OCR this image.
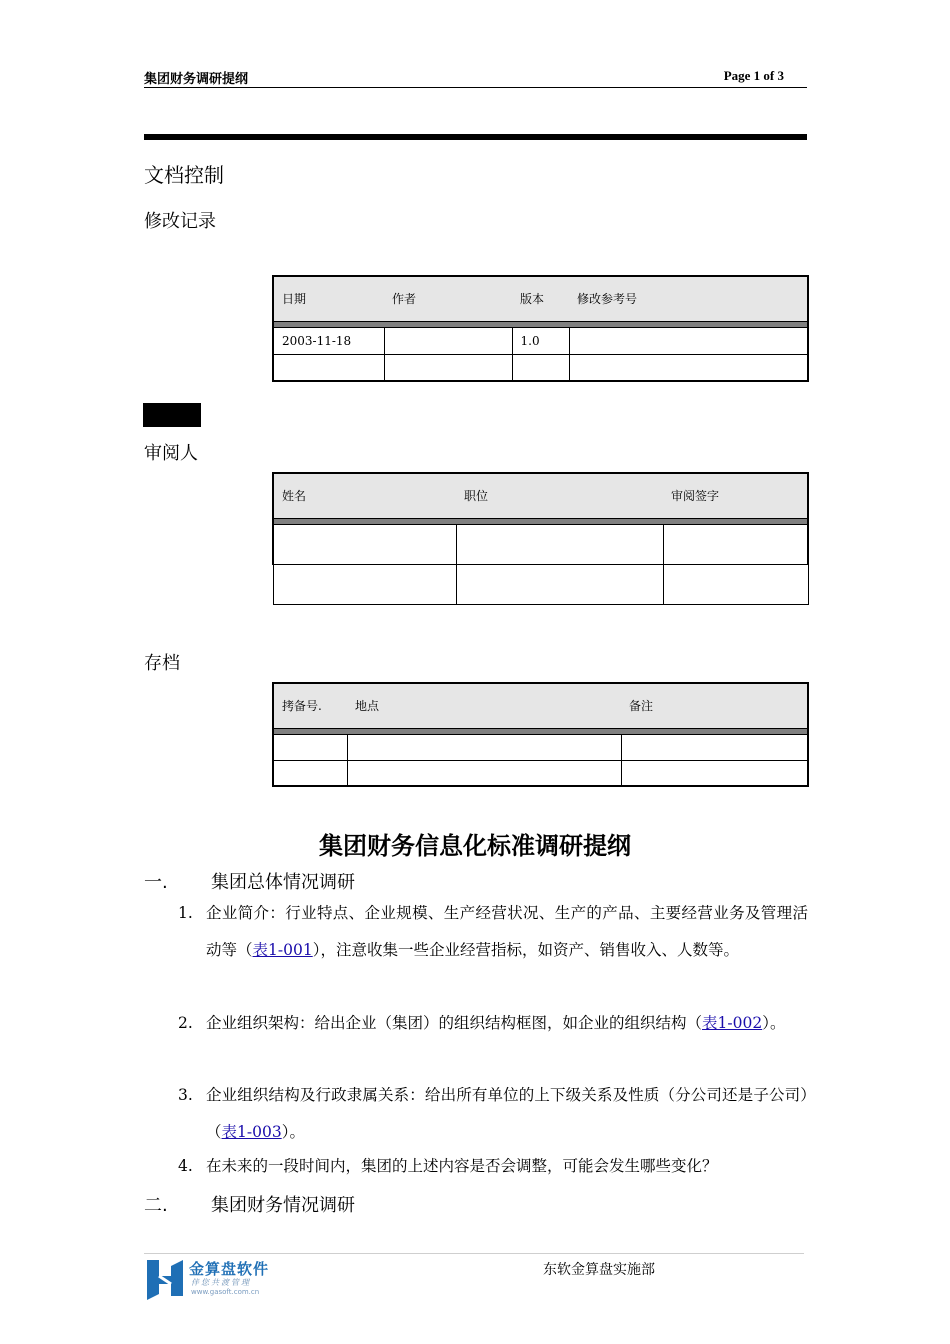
集团财务调研提纲	Page 1 of 3
文档控制
修改记录
日期	作者	版本	修改参考号

2003-11-18		1.0	

审阅人
姓名	职位	审阅签字

存档
拷备号.	地点	备注

集团财务信息化标准调研提纲
一. 集团总体情况调研
1. 企业简介：行业特点、企业规模、生产经营状况、生产的产品、主要经营业务及管理活动等（表1-001），注意收集一些企业经营指标，如资产、销售收入、人数等。
2. 企业组织架构：给出企业（集团）的组织结构框图，如企业的组织结构（表1-002）。
3. 企业组织结构及行政隶属关系：给出所有单位的上下级关系及性质（分公司还是子公司）（表1-003）。
4. 在未来的一段时间内，集团的上述内容是否会调整，可能会发生哪些变化？
二. 集团财务情况调研
金算盘软件
伴您共渡管理
www.gasoft.com.cn
东软金算盘实施部
